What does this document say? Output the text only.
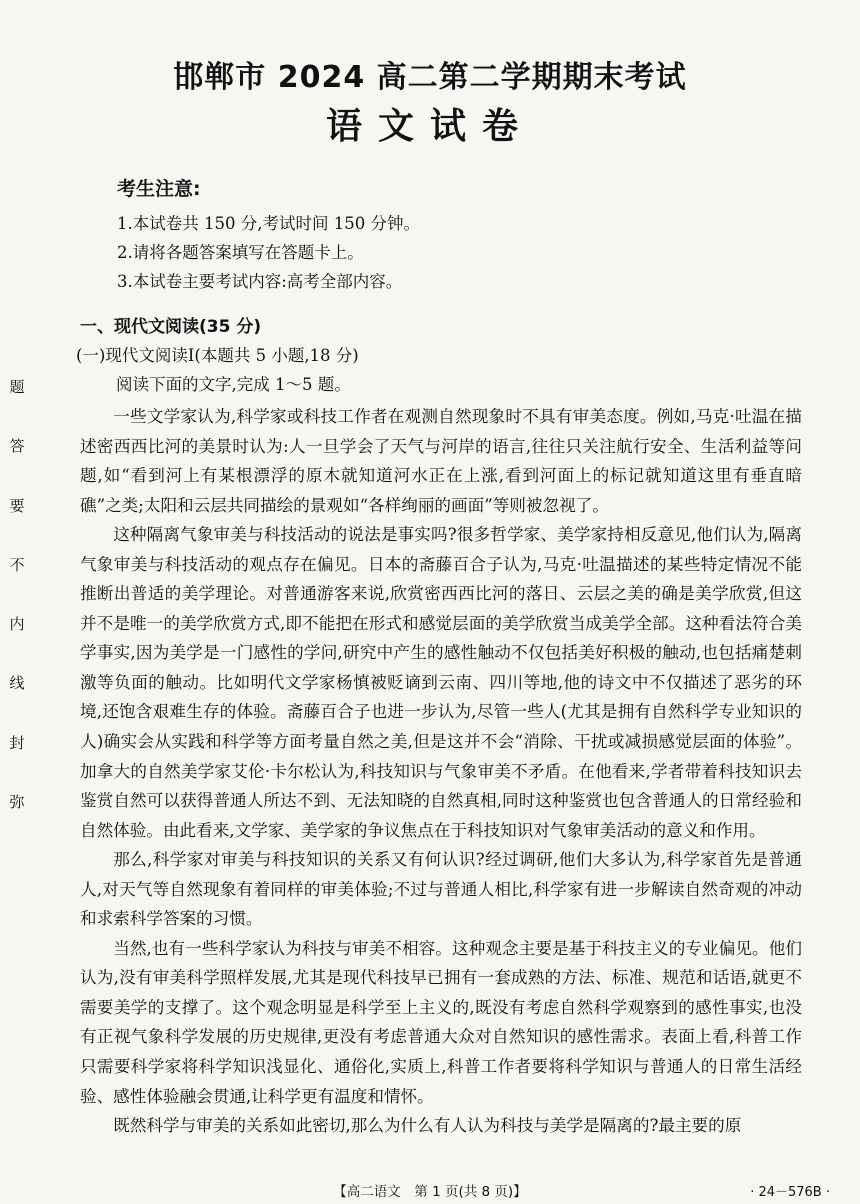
邯郸市 2024 高二第二学期期末考试
语文试卷
考生注意:
1.本试卷共 150 分,考试时间 150 分钟。
2.请将各题答案填写在答题卡上。
3.本试卷主要考试内容:高考全部内容。
一、现代文阅读(35 分)
(一)现代文阅读Ⅰ(本题共 5 小题,18 分)
阅读下面的文字,完成 1～5 题。

一些文学家认为,科学家或科技工作者在观测自然现象时不具有审美态度。例如,马克·吐温在描述密西西比河的美景时认为:人一旦学会了天气与河岸的语言,往往只关注航行安全、生活利益等问题,如“看到河上有某根漂浮的原木就知道河水正在上涨,看到河面上的标记就知道这里有垂直暗礁”之类;太阳和云层共同描绘的景观如“各样绚丽的画面”等则被忽视了。

这种隔离气象审美与科技活动的说法是事实吗?很多哲学家、美学家持相反意见,他们认为,隔离气象审美与科技活动的观点存在偏见。日本的斋藤百合子认为,马克·吐温描述的某些特定情况不能推断出普适的美学理论。对普通游客来说,欣赏密西西比河的落日、云层之美的确是美学欣赏,但这并不是唯一的美学欣赏方式,即不能把在形式和感觉层面的美学欣赏当成美学全部。这种看法符合美学事实,因为美学是一门感性的学问,研究中产生的感性触动不仅包括美好积极的触动,也包括痛楚刺激等负面的触动。比如明代文学家杨慎被贬谪到云南、四川等地,他的诗文中不仅描述了恶劣的环境,还饱含艰难生存的体验。斋藤百合子也进一步认为,尽管一些人(尤其是拥有自然科学专业知识的人)确实会从实践和科学等方面考量自然之美,但是这并不会“消除、干扰或减损感觉层面的体验”。加拿大的自然美学家艾伦·卡尔松认为,科技知识与气象审美不矛盾。在他看来,学者带着科技知识去鉴赏自然可以获得普通人所达不到、无法知晓的自然真相,同时这种鉴赏也包含普通人的日常经验和自然体验。由此看来,文学家、美学家的争议焦点在于科技知识对气象审美活动的意义和作用。

那么,科学家对审美与科技知识的关系又有何认识?经过调研,他们大多认为,科学家首先是普通人,对天气等自然现象有着同样的审美体验;不过与普通人相比,科学家有进一步解读自然奇观的冲动和求索科学答案的习惯。

当然,也有一些科学家认为科技与审美不相容。这种观念主要是基于科技主义的专业偏见。他们认为,没有审美科学照样发展,尤其是现代科技早已拥有一套成熟的方法、标准、规范和话语,就更不需要美学的支撑了。这个观念明显是科学至上主义的,既没有考虑自然科学观察到的感性事实,也没有正视气象科学发展的历史规律,更没有考虑普通大众对自然知识的感性需求。表面上看,科普工作只需要科学家将科学知识浅显化、通俗化,实质上,科普工作者要将科学知识与普通人的日常生活经验、感性体验融会贯通,让科学更有温度和情怀。

既然科学与审美的关系如此密切,那么为什么有人认为科技与美学是隔离的?最主要的原

题
答
要
不
内
线
封
弥
【高二语文　第 1 页(共 8 页)】	· 24－576B ·
